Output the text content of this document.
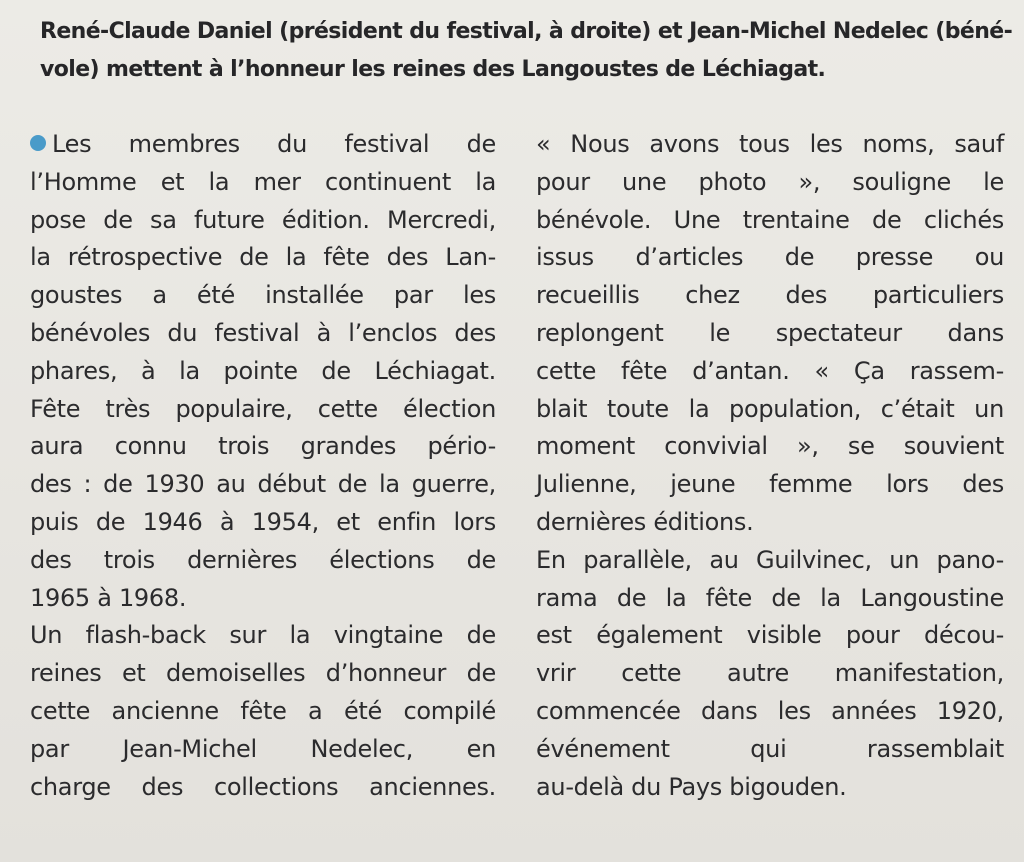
René-Claude Daniel (président du festival, à droite) et Jean-Michel Nedelec (béné-
vole) mettent à l’honneur les reines des Langoustes de Léchiagat.
Les membres du festival de
l’Homme et la mer continuent la
pose de sa future édition. Mercredi,
la rétrospective de la fête des Lan-
goustes a été installée par les
bénévoles du festival à l’enclos des
phares, à la pointe de Léchiagat.
Fête très populaire, cette élection
aura connu trois grandes pério-
des : de 1930 au début de la guerre,
puis de 1946 à 1954, et enfin lors
des trois dernières élections de
1965 à 1968.
Un flash-back sur la vingtaine de
reines et demoiselles d’honneur de
cette ancienne fête a été compilé
par Jean-Michel Nedelec, en
charge des collections anciennes.
« Nous avons tous les noms, sauf
pour une photo », souligne le
bénévole. Une trentaine de clichés
issus d’articles de presse ou
recueillis chez des particuliers
replongent le spectateur dans
cette fête d’antan. « Ça rassem-
blait toute la population, c’était un
moment convivial », se souvient
Julienne, jeune femme lors des
dernières éditions.
En parallèle, au Guilvinec, un pano-
rama de la fête de la Langoustine
est également visible pour décou-
vrir cette autre manifestation,
commencée dans les années 1920,
événement qui rassemblait
au-delà du Pays bigouden.
